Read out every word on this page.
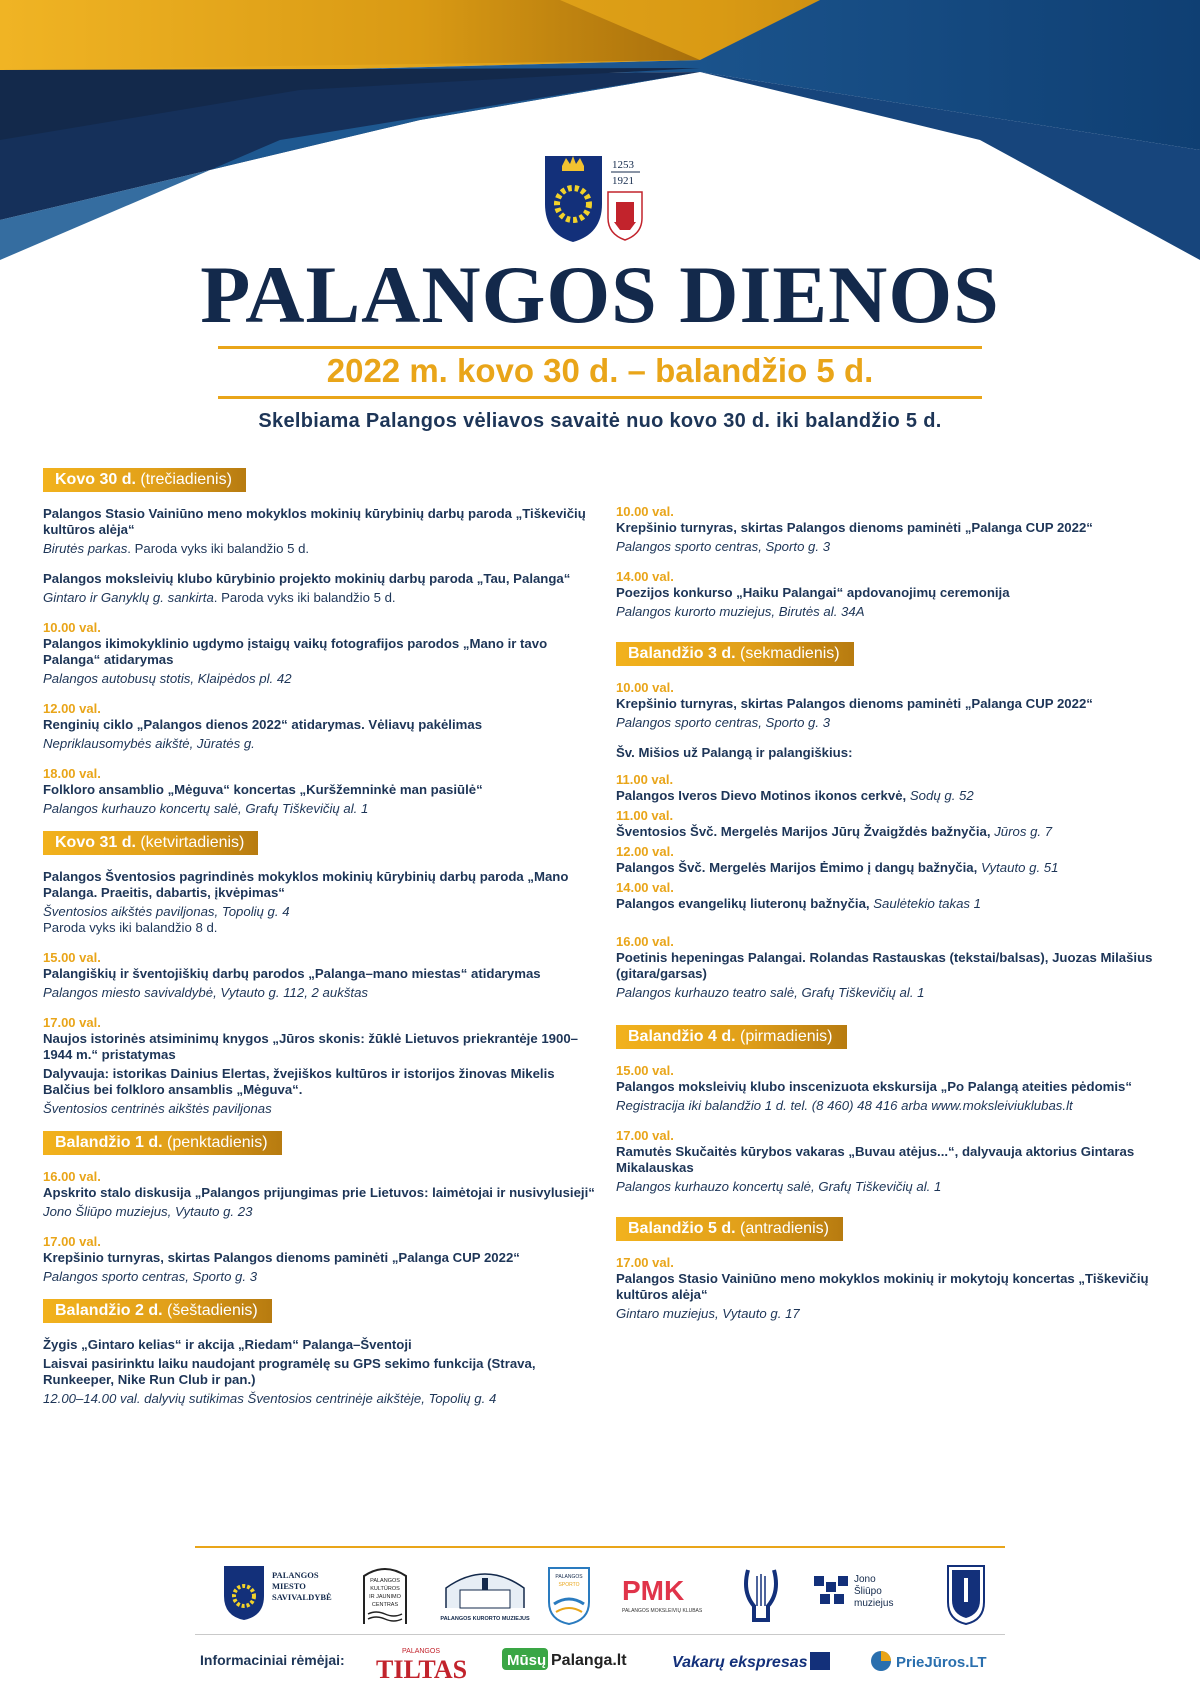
1253
1921
PALANGOS DIENOS
2022 m. kovo 30 d. – balandžio 5 d.
Skelbiama Palangos vėliavos savaitė nuo kovo 30 d. iki balandžio 5 d.
Kovo 30 d. (trečiadienis)
Palangos Stasio Vainiūno meno mokyklos mokinių kūrybinių darbų paroda „Tiškevičių kultūros alėja“
Birutės parkas. Paroda vyks iki balandžio 5 d.
Palangos moksleivių klubo kūrybinio projekto mokinių darbų paroda „Tau, Palanga“
Gintaro ir Ganyklų g. sankirta. Paroda vyks iki balandžio 5 d.
10.00 val.
Palangos ikimokyklinio ugdymo įstaigų vaikų fotografijos parodos „Mano ir tavo Palanga“ atidarymas
Palangos autobusų stotis, Klaipėdos pl. 42
12.00 val.
Renginių ciklo „Palangos dienos 2022“ atidarymas. Vėliavų pakėlimas
Nepriklausomybės aikštė, Jūratės g.
18.00 val.
Folkloro ansamblio „Mėguva“ koncertas „Kuršžemninkė man pasiūlė“
Palangos kurhauzo koncertų salė, Grafų Tiškevičių al. 1
Kovo 31 d. (ketvirtadienis)
Palangos Šventosios pagrindinės mokyklos mokinių kūrybinių darbų paroda „Mano Palanga. Praeitis, dabartis, įkvėpimas“
Šventosios aikštės paviljonas, Topolių g. 4
Paroda vyks iki balandžio 8 d.
15.00 val.
Palangiškių ir šventojiškių darbų parodos „Palanga–mano miestas“ atidarymas
Palangos miesto savivaldybė, Vytauto g. 112, 2 aukštas
17.00 val.
Naujos istorinės atsiminimų knygos „Jūros skonis: žūklė Lietuvos priekrantėje 1900–1944 m.“ pristatymas
Dalyvauja: istorikas Dainius Elertas, žvejiškos kultūros ir istorijos žinovas Mikelis Balčius bei folkloro ansamblis „Mėguva“.
Šventosios centrinės aikštės paviljonas
Balandžio 1 d. (penktadienis)
16.00 val.
Apskrito stalo diskusija „Palangos prijungimas prie Lietuvos: laimėtojai ir nusivylusieji“
Jono Šliūpo muziejus, Vytauto g. 23
17.00 val.
Krepšinio turnyras, skirtas Palangos dienoms paminėti „Palanga CUP 2022“
Palangos sporto centras, Sporto g. 3
Balandžio 2 d. (šeštadienis)
Žygis „Gintaro kelias“ ir akcija „Riedam“ Palanga–Šventoji
Laisvai pasirinktu laiku naudojant programėlę su GPS sekimo funkcija (Strava, Runkeeper, Nike Run Club ir pan.)
12.00–14.00 val. dalyvių sutikimas Šventosios centrinėje aikštėje, Topolių g. 4
10.00 val.
Krepšinio turnyras, skirtas Palangos dienoms paminėti „Palanga CUP 2022“
Palangos sporto centras, Sporto g. 3
14.00 val.
Poezijos konkurso „Haiku Palangai“ apdovanojimų ceremonija
Palangos kurorto muziejus, Birutės al. 34A
Balandžio 3 d. (sekmadienis)
10.00 val.
Krepšinio turnyras, skirtas Palangos dienoms paminėti „Palanga CUP 2022“
Palangos sporto centras, Sporto g. 3
Šv. Mišios už Palangą ir palangiškius:
11.00 val.
Palangos Iveros Dievo Motinos ikonos cerkvė, Sodų g. 52
11.00 val.
Šventosios Švč. Mergelės Marijos Jūrų Žvaigždės bažnyčia, Jūros g. 7
12.00 val.
Palangos Švč. Mergelės Marijos Ėmimo į dangų bažnyčia, Vytauto g. 51
14.00 val.
Palangos evangelikų liuteronų bažnyčia, Saulėtekio takas 1
16.00 val.
Poetinis hepeningas Palangai. Rolandas Rastauskas (tekstai/balsas), Juozas Milašius (gitara/garsas)
Palangos kurhauzo teatro salė, Grafų Tiškevičių al. 1
Balandžio 4 d. (pirmadienis)
15.00 val.
Palangos moksleivių klubo inscenizuota ekskursija „Po Palangą ateities pėdomis“
Registracija iki balandžio 1 d. tel. (8 460) 48 416 arba www.moksleiviuklubas.lt
17.00 val.
Ramutės Skučaitės kūrybos vakaras „Buvau atėjus...“, dalyvauja aktorius Gintaras Mikalauskas
Palangos kurhauzo koncertų salė, Grafų Tiškevičių al. 1
Balandžio 5 d. (antradienis)
17.00 val.
Palangos Stasio Vainiūno meno mokyklos mokinių ir mokytojų koncertas „Tiškevičių kultūros alėja“
Gintaro muziejus, Vytauto g. 17
PALANGOS
MIESTO
SAVIVALDYBĖ
PALANGOS
KULTŪROS
IR JAUNIMO
CENTRAS
PALANGOS KURORTO MUZIEJUS
PALANGOS
SPORTO PMK
PALANGOS MOKSLEIVIŲ KLUBAS
Jono
Šliūpo
muziejus
Informaciniai rėmėjai:
PALANGOS
TILTAS	Mūsų Palanga.lt	Vakarų ekspresas	PrieJūros.LT
